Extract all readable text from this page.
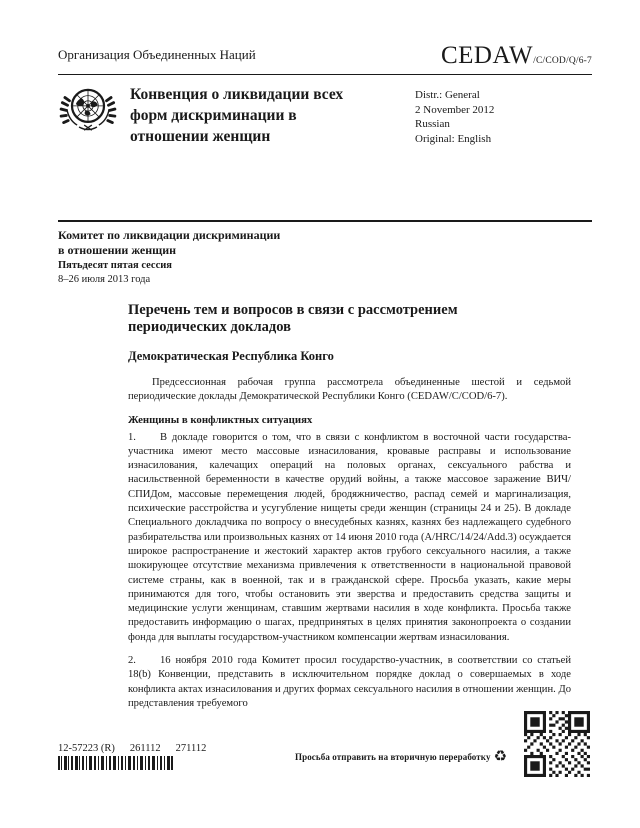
Организация Объединенных Наций	CEDAW /C/COD/Q/6-7
Конвенция о ликвидации всех форм дискриминации в отношении женщин
Distr.: General
2 November 2012
Russian
Original: English
Комитет по ликвидации дискриминации
в отношении женщин
Пятьдесят пятая сессия
8–26 июля 2013 года
Перечень тем и вопросов в связи с рассмотрением периодических докладов
Демократическая Республика Конго

Предсессионная рабочая группа рассмотрела объединенные шестой и седьмой периодические доклады Демократической Республики Конго (CEDAW/C/COD/6-7).

Женщины в конфликтных ситуациях

1. В докладе говорится о том, что в связи с конфликтом в восточной части государства-участника имеют место массовые изнасилования, кровавые расправы и использование изнасилования, калечащих операций на половых органах, сексуального рабства и насильственной беременности в качестве орудий войны, а также массовое заражение ВИЧ/СПИДом, массовые перемещения людей, бродяжничество, распад семей и маргинализация, психические расстройства и усугубление нищеты среди женщин (страницы 24 и 25). В докладе Специального докладчика по вопросу о внесудебных казнях, казнях без надлежащего судебного разбирательства или произвольных казнях от 14 июня 2010 года (A/HRC/14/24/Add.3) осуждается широкое распространение и жестокий характер актов грубого сексуального насилия, а также шокирующее отсутствие механизма привлечения к ответственности в национальной правовой системе страны, как в военной, так и в гражданской сфере. Просьба указать, какие меры принимаются для того, чтобы остановить эти зверства и предоставить средства защиты и медицинские услуги женщинам, ставшим жертвами насилия в ходе конфликта. Просьба также предоставить информацию о шагах, предпринятых в целях принятия законопроекта о создании фонда для выплаты государством-участником компенсации жертвам изнасилования.

2. 16 ноября 2010 года Комитет просил государство-участник, в соответствии со статьей 18(b) Конвенции, представить в исключительном порядке доклад о совершаемых в ходе конфликта актах изнасилования и других формах сексуального насилия в отношении женщин. До представления требуемого

12-57223 (R) 261112 271112
Просьба отправить на вторичную переработку ♻
